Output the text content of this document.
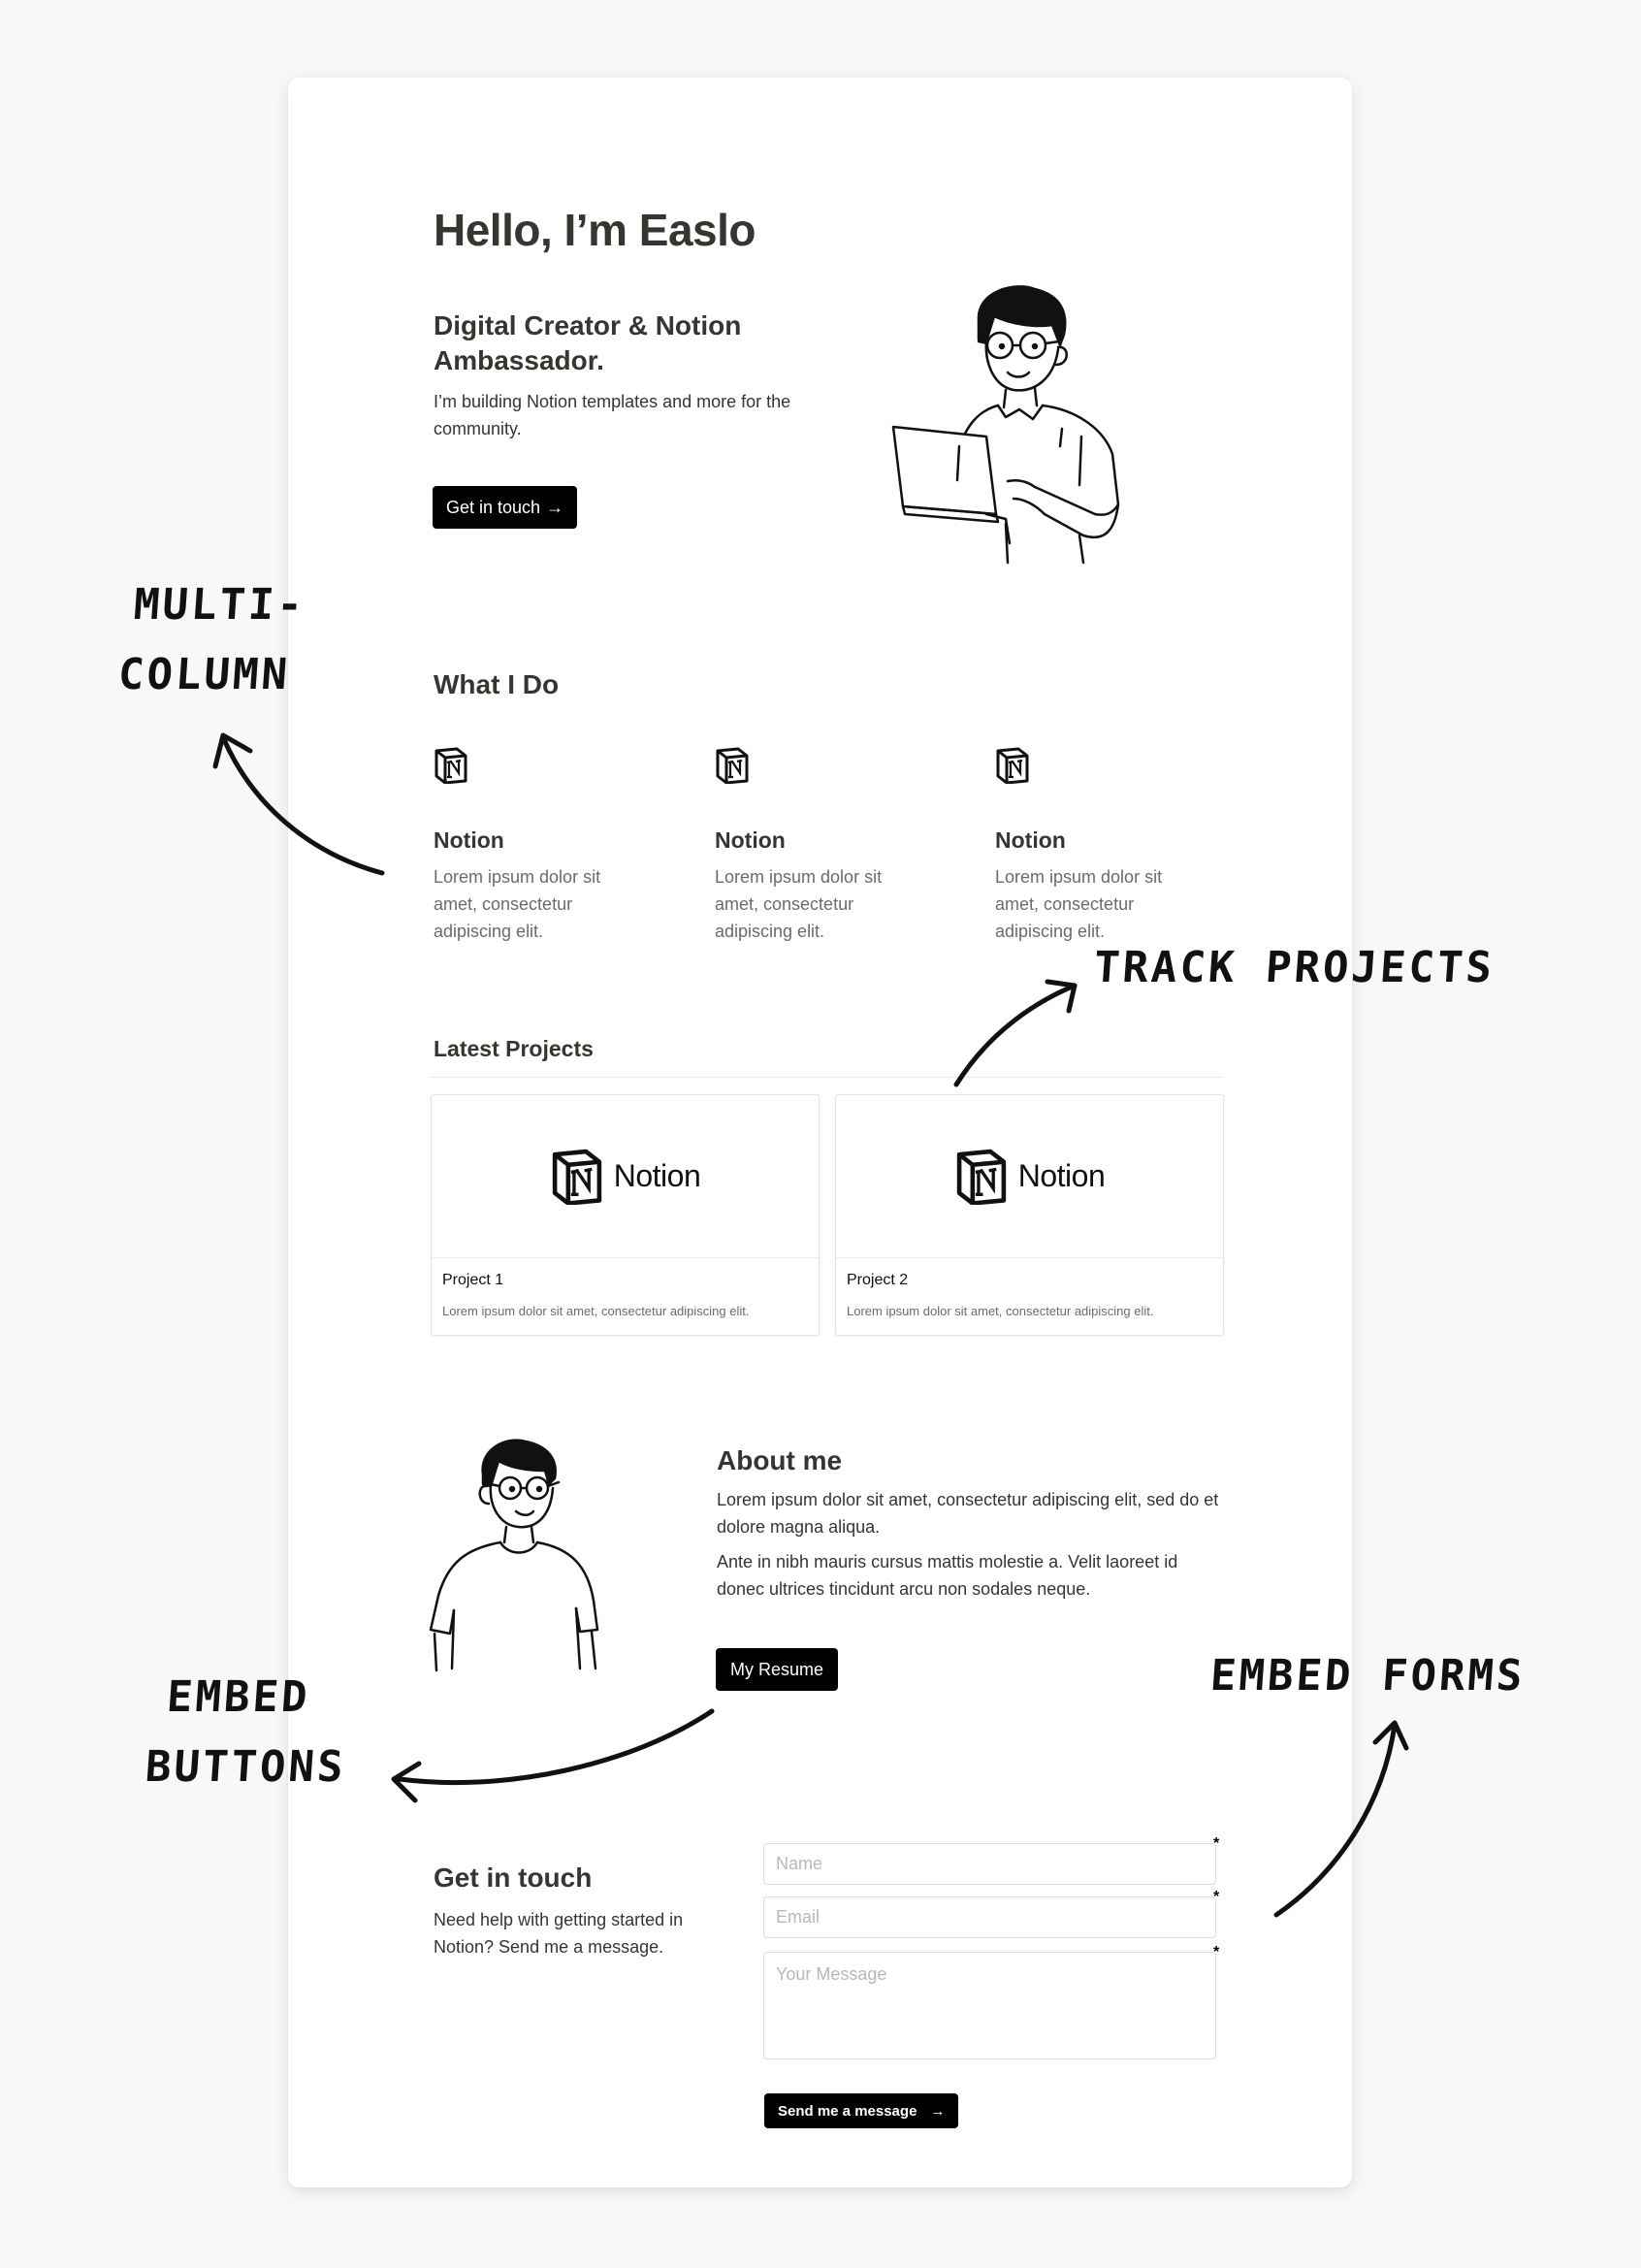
Hello, I’m Easlo
Digital Creator & Notion Ambassador.

I’m building Notion templates and more for the community.

Get in touch →
What I Do
Notion

Lorem ipsum dolor sit amet, consectetur adipiscing elit.

Notion

Lorem ipsum dolor sit amet, consectetur adipiscing elit.

Notion

Lorem ipsum dolor sit amet, consectetur adipiscing elit.

Latest Projects
Notion

Project 1

Lorem ipsum dolor sit amet, consectetur adipiscing elit.

Notion

Project 2

Lorem ipsum dolor sit amet, consectetur adipiscing elit.

About me

Lorem ipsum dolor sit amet, consectetur adipiscing elit, sed do et dolore magna aliqua.

Ante in nibh mauris cursus mattis molestie a. Velit laoreet id donec ultrices tincidunt arcu non sodales neque.

My Resume
Get in touch

Need help with getting started in Notion? Send me a message.

Name
*
Email
*
Your Message
*
Send me a message →

MULTI-

COLUMN

TRACK PROJECTS

EMBED

BUTTONS

EMBED FORMS
